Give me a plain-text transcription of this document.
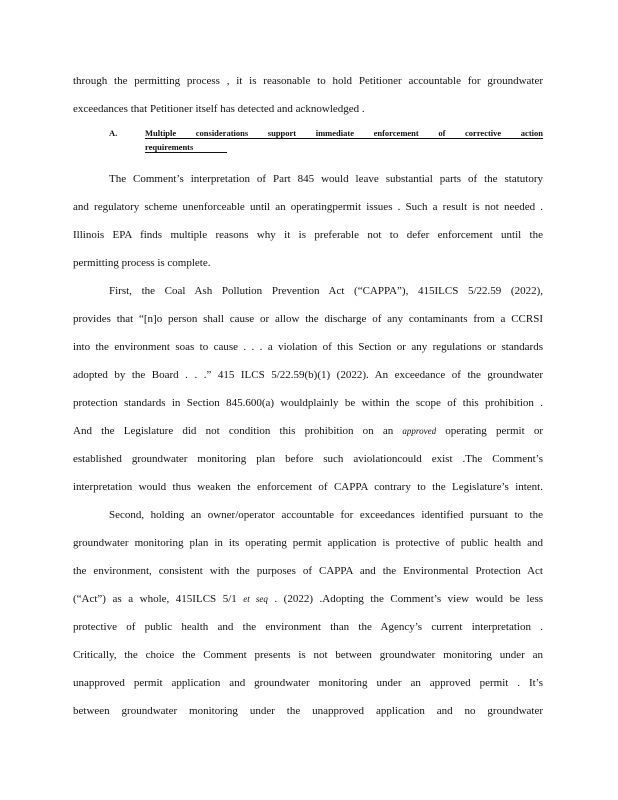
through the permitting process , it is reasonable to hold Petitioner accountable for groundwater
exceedances that Petitioner itself has detected and acknowledged .
A.	Multiple considerations support immediate enforcement of corrective action
requirements
The Comment’s interpretation of Part 845 would leave substantial parts of the statutory
and regulatory scheme unenforceable until an operatingpermit issues . Such a result is not needed .
Illinois EPA finds multiple reasons why it is preferable not to defer enforcement until the
permitting process is complete.
First, the Coal Ash Pollution Prevention Act (“CAPPA”), 415ILCS 5/22.59 (2022),
provides that “[n]o person shall cause or allow the discharge of any contaminants from a CCRSI
into the environment soas to cause . . . a violation of this Section or any regulations or standards
adopted by the Board . . .” 415 ILCS 5/22.59(b)(1) (2022). An exceedance of the groundwater
protection standards in Section 845.600(a) wouldplainly be within the scope of this prohibition .
And the Legislature did not condition this prohibition on an approved operating permit or
established groundwater monitoring plan before such aviolationcould exist .The Comment’s
interpretation would thus weaken the enforcement of CAPPA contrary to the Legislature’s intent.
Second, holding an owner/operator accountable for exceedances identified pursuant to the
groundwater monitoring plan in its operating permit application is protective of public health and
the environment, consistent with the purposes of CAPPA and the Environmental Protection Act
(“Act”) as a whole, 415ILCS 5/1 et seq . (2022) .Adopting the Comment’s view would be less
protective of public health and the environment than the Agency’s current interpretation .
Critically, the choice the Comment presents is not between groundwater monitoring under an
unapproved permit application and groundwater monitoring under an approved permit . It’s
between groundwater monitoring under the unapproved application and no groundwater
